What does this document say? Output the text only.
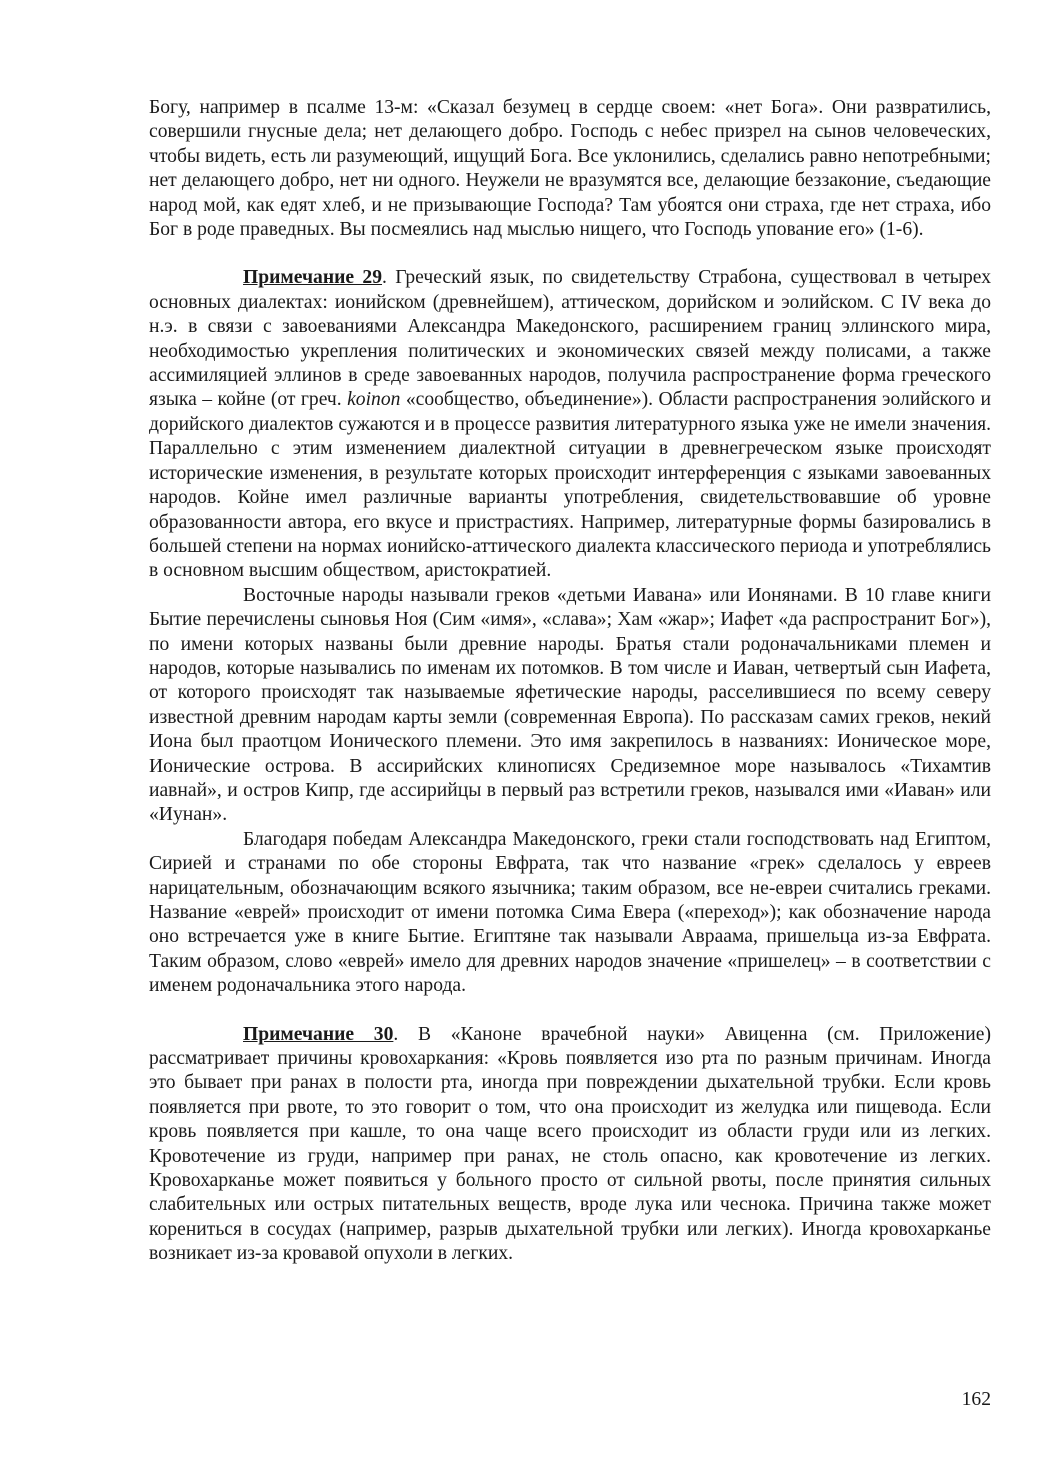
Богу, например в псалме 13-м: «Сказал безумец в сердце своем: «нет Бога». Они развратились, совершили гнусные дела; нет делающего добро. Господь с небес призрел на сынов человеческих, чтобы видеть, есть ли разумеющий, ищущий Бога. Все уклонились, сделались равно непотребными; нет делающего добро, нет ни одного. Неужели не вразумятся все, делающие беззаконие, съедающие народ мой, как едят хлеб, и не призывающие Господа? Там убоятся они страха, где нет страха, ибо Бог в роде праведных. Вы посмеялись над мыслью нищего, что Господь упование его» (1-6).

Примечание 29. Греческий язык, по свидетельству Страбона, существовал в четырех основных диалектах: ионийском (древнейшем), аттическом, дорийском и эолийском. С IV века до н.э. в связи с завоеваниями Александра Македонского, расширением границ эллинского мира, необходимостью укрепления политических и экономических связей между полисами, а также ассимиляцией эллинов в среде завоеванных народов, получила распространение форма греческого языка – койне (от греч. koinon «сообщество, объединение»). Области распространения эолийского и дорийского диалектов сужаются и в процессе развития литературного языка уже не имели значения. Параллельно с этим изменением диалектной ситуации в древнегреческом языке происходят исторические изменения, в результате которых происходит интерференция с языками завоеванных народов. Койне имел различные варианты употребления, свидетельствовавшие об уровне образованности автора, его вкусе и пристрастиях. Например, литературные формы базировались в большей степени на нормах ионийско-аттического диалекта классического периода и употреблялись в основном высшим обществом, аристократией.

Восточные народы называли греков «детьми Иавана» или Ионянами. В 10 главе книги Бытие перечислены сыновья Ноя (Сим «имя», «слава»; Хам «жар»; Иафет «да распространит Бог»), по имени которых названы были древние народы. Братья стали родоначальниками племен и народов, которые назывались по именам их потомков. В том числе и Иаван, четвертый сын Иафета, от которого происходят так называемые яфетические народы, расселившиеся по всему северу известной древним народам карты земли (современная Европа). По рассказам самих греков, некий Иона был праотцом Ионического племени. Это имя закрепилось в названиях: Ионическое море, Ионические острова. В ассирийских клинописях Средиземное море называлось «Тихамтив иавнай», и остров Кипр, где ассирийцы в первый раз встретили греков, назывался ими «Иаван» или «Иунан».

Благодаря победам Александра Македонского, греки стали господствовать над Египтом, Сирией и странами по обе стороны Евфрата, так что название «грек» сделалось у евреев нарицательным, обозначающим всякого язычника; таким образом, все не-евреи считались греками. Название «еврей» происходит от имени потомка Сима Евера («переход»); как обозначение народа оно встречается уже в книге Бытие. Египтяне так называли Авраама, пришельца из-за Евфрата. Таким образом, слово «еврей» имело для древних народов значение «пришелец» – в соответствии с именем родоначальника этого народа.

Примечание 30. В «Каноне врачебной науки» Авиценна (см. Приложение) рассматривает причины кровохаркания: «Кровь появляется изо рта по разным причинам. Иногда это бывает при ранах в полости рта, иногда при повреждении дыхательной трубки. Если кровь появляется при рвоте, то это говорит о том, что она происходит из желудка или пищевода. Если кровь появляется при кашле, то она чаще всего происходит из области груди или из легких. Кровотечение из груди, например при ранах, не столь опасно, как кровотечение из легких. Кровохарканье может появиться у больного просто от сильной рвоты, после принятия сильных слабительных или острых питательных веществ, вроде лука или чеснока. Причина также может корениться в сосудах (например, разрыв дыхательной трубки или легких). Иногда кровохарканье возникает из-за кровавой опухоли в легких.

162
